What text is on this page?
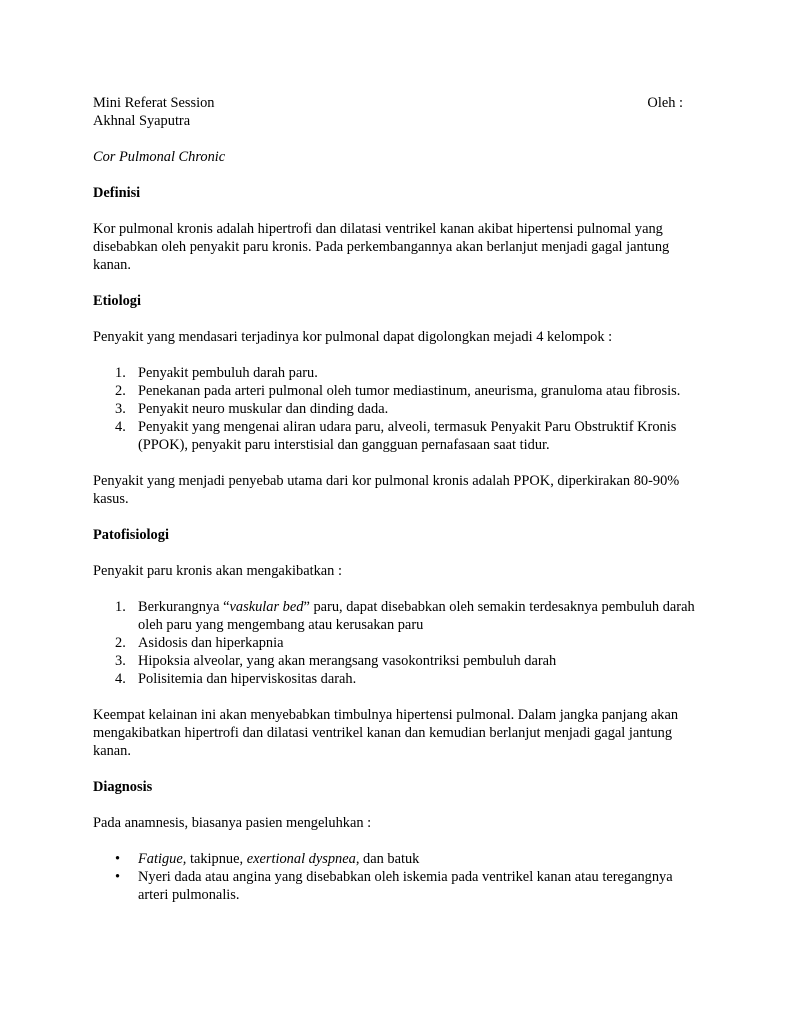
Mini Referat Session	Oleh :
Akhnal Syaputra
Cor Pulmonal Chronic
Definisi

Kor pulmonal kronis adalah hipertrofi dan dilatasi ventrikel kanan akibat hipertensi pulnomal yang disebabkan oleh penyakit paru kronis. Pada perkembangannya akan berlanjut menjadi gagal jantung kanan.

Etiologi

Penyakit yang mendasari terjadinya kor pulmonal dapat digolongkan mejadi 4 kelompok :

1. Penyakit pembuluh darah paru.
2. Penekanan pada arteri pulmonal oleh tumor mediastinum, aneurisma, granuloma atau fibrosis.
3. Penyakit neuro muskular dan dinding dada.
4. Penyakit yang mengenai aliran udara paru, alveoli, termasuk Penyakit Paru Obstruktif Kronis (PPOK), penyakit paru interstisial dan gangguan pernafasaan saat tidur.

Penyakit yang menjadi penyebab utama dari kor pulmonal kronis adalah PPOK, diperkirakan 80-90% kasus.

Patofisiologi

Penyakit paru kronis akan mengakibatkan :

1. Berkurangnya “vaskular bed” paru, dapat disebabkan oleh semakin terdesaknya pembuluh darah oleh paru yang mengembang atau kerusakan paru
2. Asidosis dan hiperkapnia
3. Hipoksia alveolar, yang akan merangsang vasokontriksi pembuluh darah
4. Polisitemia dan hiperviskositas darah.

Keempat kelainan ini akan menyebabkan timbulnya hipertensi pulmonal. Dalam jangka panjang akan mengakibatkan hipertrofi dan dilatasi ventrikel kanan dan kemudian berlanjut menjadi gagal jantung kanan.

Diagnosis

Pada anamnesis, biasanya pasien mengeluhkan :

•	Fatigue, takipnue, exertional dyspnea, dan batuk
•	Nyeri dada atau angina yang disebabkan oleh iskemia pada ventrikel kanan atau teregangnya arteri pulmonalis.
